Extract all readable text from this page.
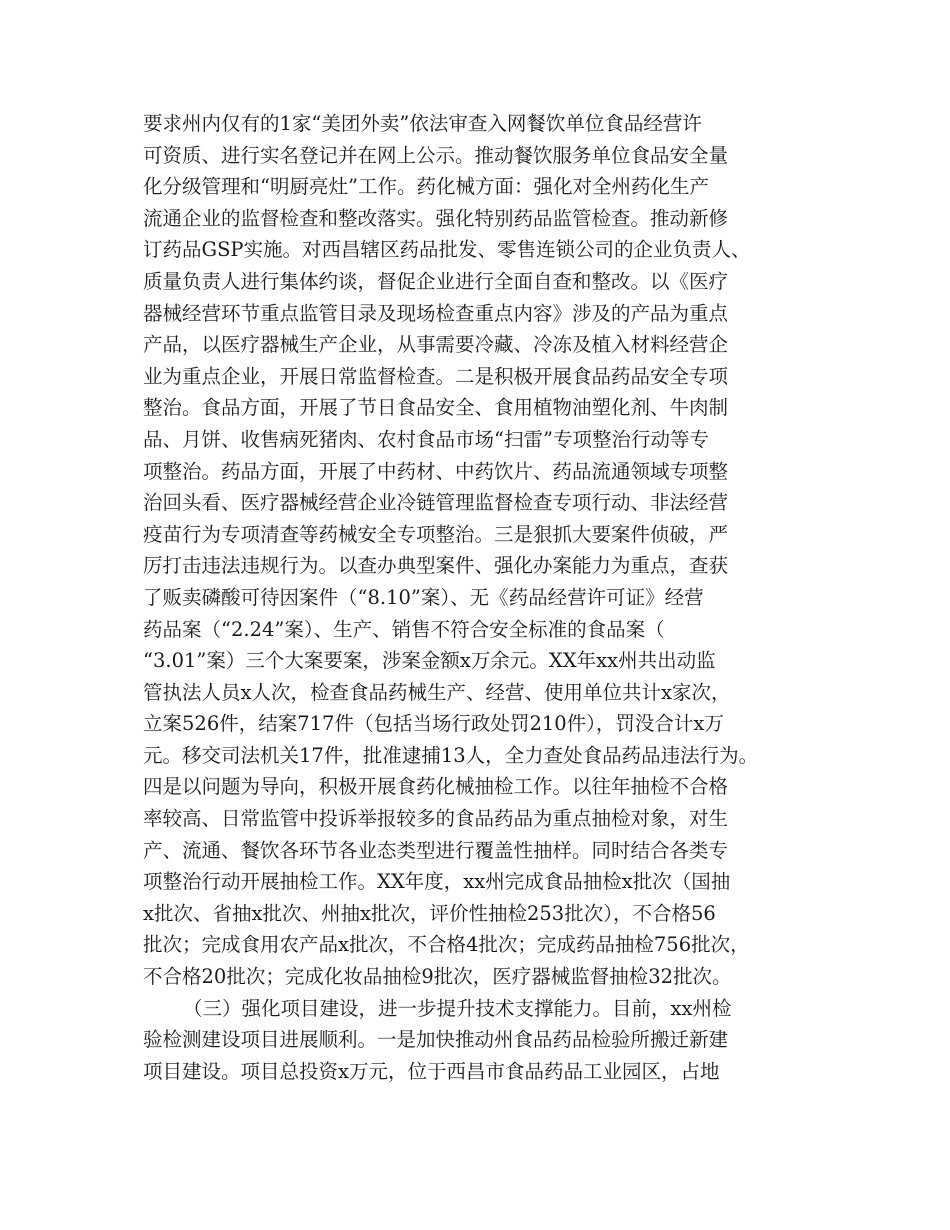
要求州内仅有的1家“美团外卖”依法审查入网餐饮单位食品经营许
可资质、进行实名登记并在网上公示。推动餐饮服务单位食品安全量
化分级管理和“明厨亮灶”工作。药化械方面：强化对全州药化生产
流通企业的监督检查和整改落实。强化特别药品监管检查。推动新修
订药品GSP实施。对西昌辖区药品批发、零售连锁公司的企业负责人、
质量负责人进行集体约谈，督促企业进行全面自查和整改。以《医疗
器械经营环节重点监管目录及现场检查重点内容》涉及的产品为重点
产品，以医疗器械生产企业，从事需要冷藏、冷冻及植入材料经营企
业为重点企业，开展日常监督检查。二是积极开展食品药品安全专项
整治。食品方面，开展了节日食品安全、食用植物油塑化剂、牛肉制
品、月饼、收售病死猪肉、农村食品市场“扫雷”专项整治行动等专
项整治。药品方面，开展了中药材、中药饮片、药品流通领域专项整
治回头看、医疗器械经营企业冷链管理监督检查专项行动、非法经营
疫苗行为专项清查等药械安全专项整治。三是狠抓大要案件侦破，严
厉打击违法违规行为。以查办典型案件、强化办案能力为重点，查获
了贩卖磷酸可待因案件（“8.10”案）、无《药品经营许可证》经营
药品案（“2.24”案）、生产、销售不符合安全标准的食品案（
“3.01”案）三个大案要案，涉案金额x万余元。XX年xx州共出动监
管执法人员x人次，检查食品药械生产、经营、使用单位共计x家次，
立案526件，结案717件（包括当场行政处罚210件），罚没合计x万
元。移交司法机关17件，批准逮捕13人，全力查处食品药品违法行为。
四是以问题为导向，积极开展食药化械抽检工作。以往年抽检不合格
率较高、日常监管中投诉举报较多的食品药品为重点抽检对象，对生
产、流通、餐饮各环节各业态类型进行覆盖性抽样。同时结合各类专
项整治行动开展抽检工作。XX年度，xx州完成食品抽检x批次（国抽
x批次、省抽x批次、州抽x批次，评价性抽检253批次），不合格56
批次；完成食用农产品x批次，不合格4批次；完成药品抽检756批次，
不合格20批次；完成化妆品抽检9批次，医疗器械监督抽检32批次。
（三）强化项目建设，进一步提升技术支撑能力。目前，xx州检
验检测建设项目进展顺利。一是加快推动州食品药品检验所搬迁新建
项目建设。项目总投资x万元，位于西昌市食品药品工业园区，占地
